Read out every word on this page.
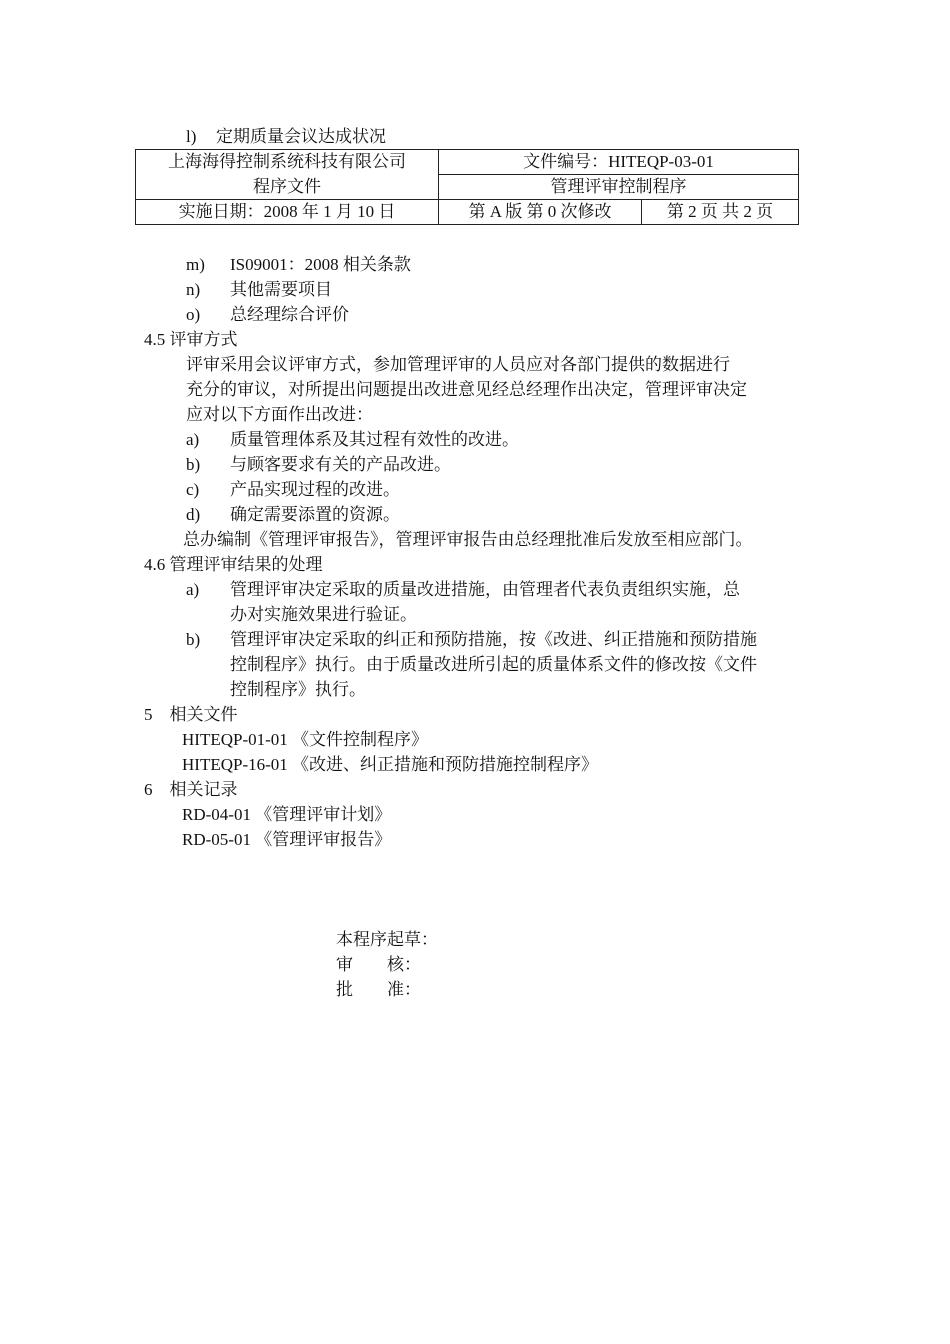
l) 定期质量会议达成状况
上海海得控制系统科技有限公司	文件编号：HITEQP-03-01	
程序文件	管理评审控制程序	
实施日期：2008 年 1 月 10 日	第 A 版 第 0 次修改	第 2 页 共 2 页
m) IS09001：2008 相关条款
n) 其他需要项目
o) 总经理综合评价
4.5 评审方式
评审采用会议评审方式，参加管理评审的人员应对各部门提供的数据进行
充分的审议，对所提出问题提出改进意见经总经理作出决定，管理评审决定
应对以下方面作出改进：
a) 质量管理体系及其过程有效性的改进。
b) 与顾客要求有关的产品改进。
c) 产品实现过程的改进。
d) 确定需要添置的资源。
总办编制《管理评审报告》，管理评审报告由总经理批准后发放至相应部门。
4.6 管理评审结果的处理
a) 管理评审决定采取的质量改进措施，由管理者代表负责组织实施，总
办对实施效果进行验证。
b) 管理评审决定采取的纠正和预防措施，按《改进、纠正措施和预防措施
控制程序》执行。由于质量改进所引起的质量体系文件的修改按《文件
控制程序》执行。
5　相关文件
HITEQP-01-01 《文件控制程序》
HITEQP-16-01 《改进、纠正措施和预防措施控制程序》
6　相关记录
RD-04-01 《管理评审计划》
RD-05-01 《管理评审报告》
本程序起草：
审　　核：
批　　准：
